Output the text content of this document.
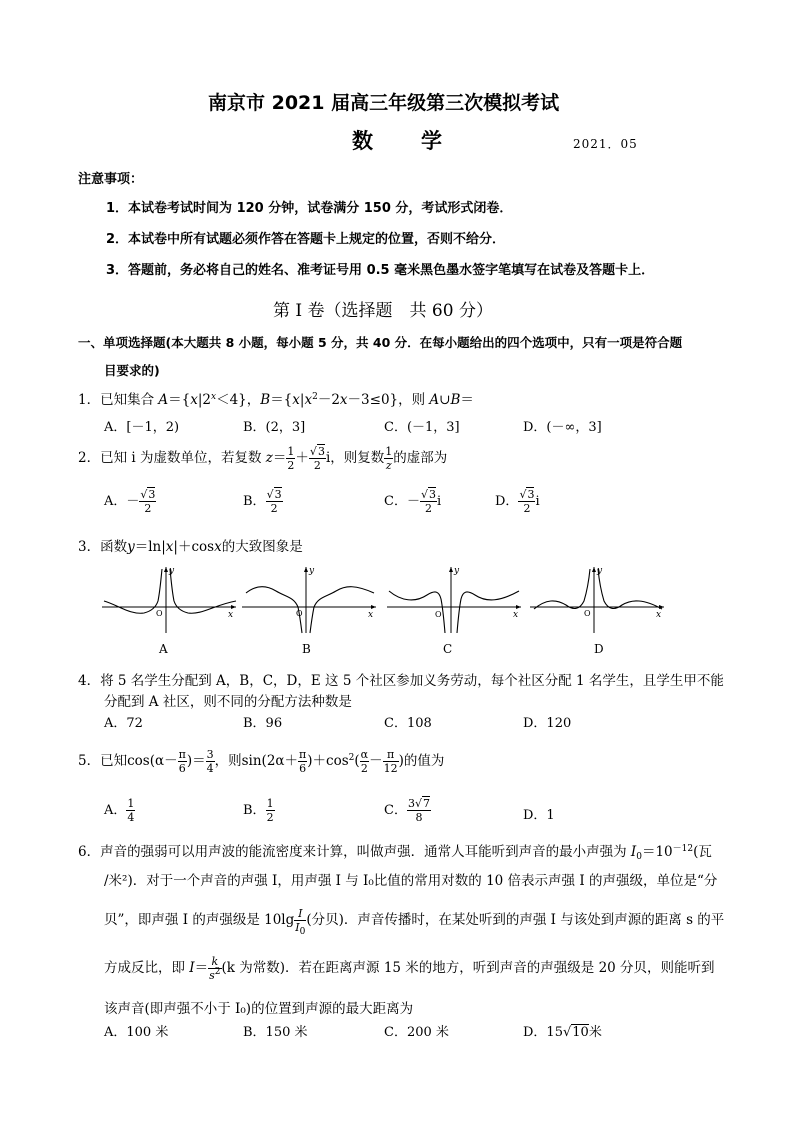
南京市 2021 届高三年级第三次模拟考试
数　　学	2021．05
注意事项：
1．本试卷考试时间为 120 分钟，试卷满分 150 分，考试形式闭卷．
2．本试卷中所有试题必须作答在答题卡上规定的位置，否则不给分．
3．答题前，务必将自己的姓名、准考证号用 0.5 毫米黑色墨水签字笔填写在试卷及答题卡上．
第 I 卷（选择题　共 60 分）
一、单项选择题(本大题共 8 小题，每小题 5 分，共 40 分．在每小题给出的四个选项中，只有一项是符合题
目要求的)
1．已知集合 $A=\{x|2^x<4\}$，$B=\{x|x^2-2x-3\le 0\}$，则 A∪B＝
A．[－1，2)	B．(2，3]	C．(－1，3]	D．(－∞，3]
2．已知 i 为虚数单位，若复数 $z= \frac{1}{2} + \frac{√3}{2}$ i，则复数 $\frac{1}{z}$ 的虚部为
A．－ $\frac{√3}{2}$	B． $\frac{√3}{2}$	C．－ $\frac{√3}{2}$ i	D． $\frac{√3}{2}$ i
3．函数y＝ln|x|＋cosx的大致图象是
y
x
O
y
x
O
y
x
O
y
x
O
A	B	C	D
4．将 5 名学生分配到 A，B，C，D，E 这 5 个社区参加义务劳动，每个社区分配 1 名学生，且学生甲不能
分配到 A 社区，则不同的分配方法种数是
A．72	B．96	C．108	D．120
5．已知$\cos(\alpha- \frac{\pi}{6}$ )＝ $\frac{3}{4}$ ，则$\sin(2\alpha+ \frac{\pi}{6} )+\cos^2( \frac{\alpha}{2} - \frac{\pi}{12}$ )的值为
A． $\frac{1}{4}$	B． $\frac{1}{2}$	C． $\frac{3√7}{8}$	D．1
6．声音的强弱可以用声波的能流密度来计算，叫做声强．通常人耳能听到声音的最小声强为 $I_0=10^{-12}$(瓦
/米²)．对于一个声音的声强 I，用声强 I 与 I₀比值的常用对数的 10 倍表示声强 I 的声强级，单位是“分
贝”，即声强 I 的声强级是 $10\lg \frac{I}{I_0}$ (分贝)．声音传播时，在某处听到的声强 I 与该处到声源的距离 s 的平
方成反比，即 $I= \frac{k}{s^2} (k$ 为常数)．若在距离声源 15 米的地方，听到声音的声强级是 20 分贝，则能听到
该声音(即声强不小于 I₀)的位置到声源的最大距离为
A．100 米	B．150 米	C．200 米	D．15√10米
